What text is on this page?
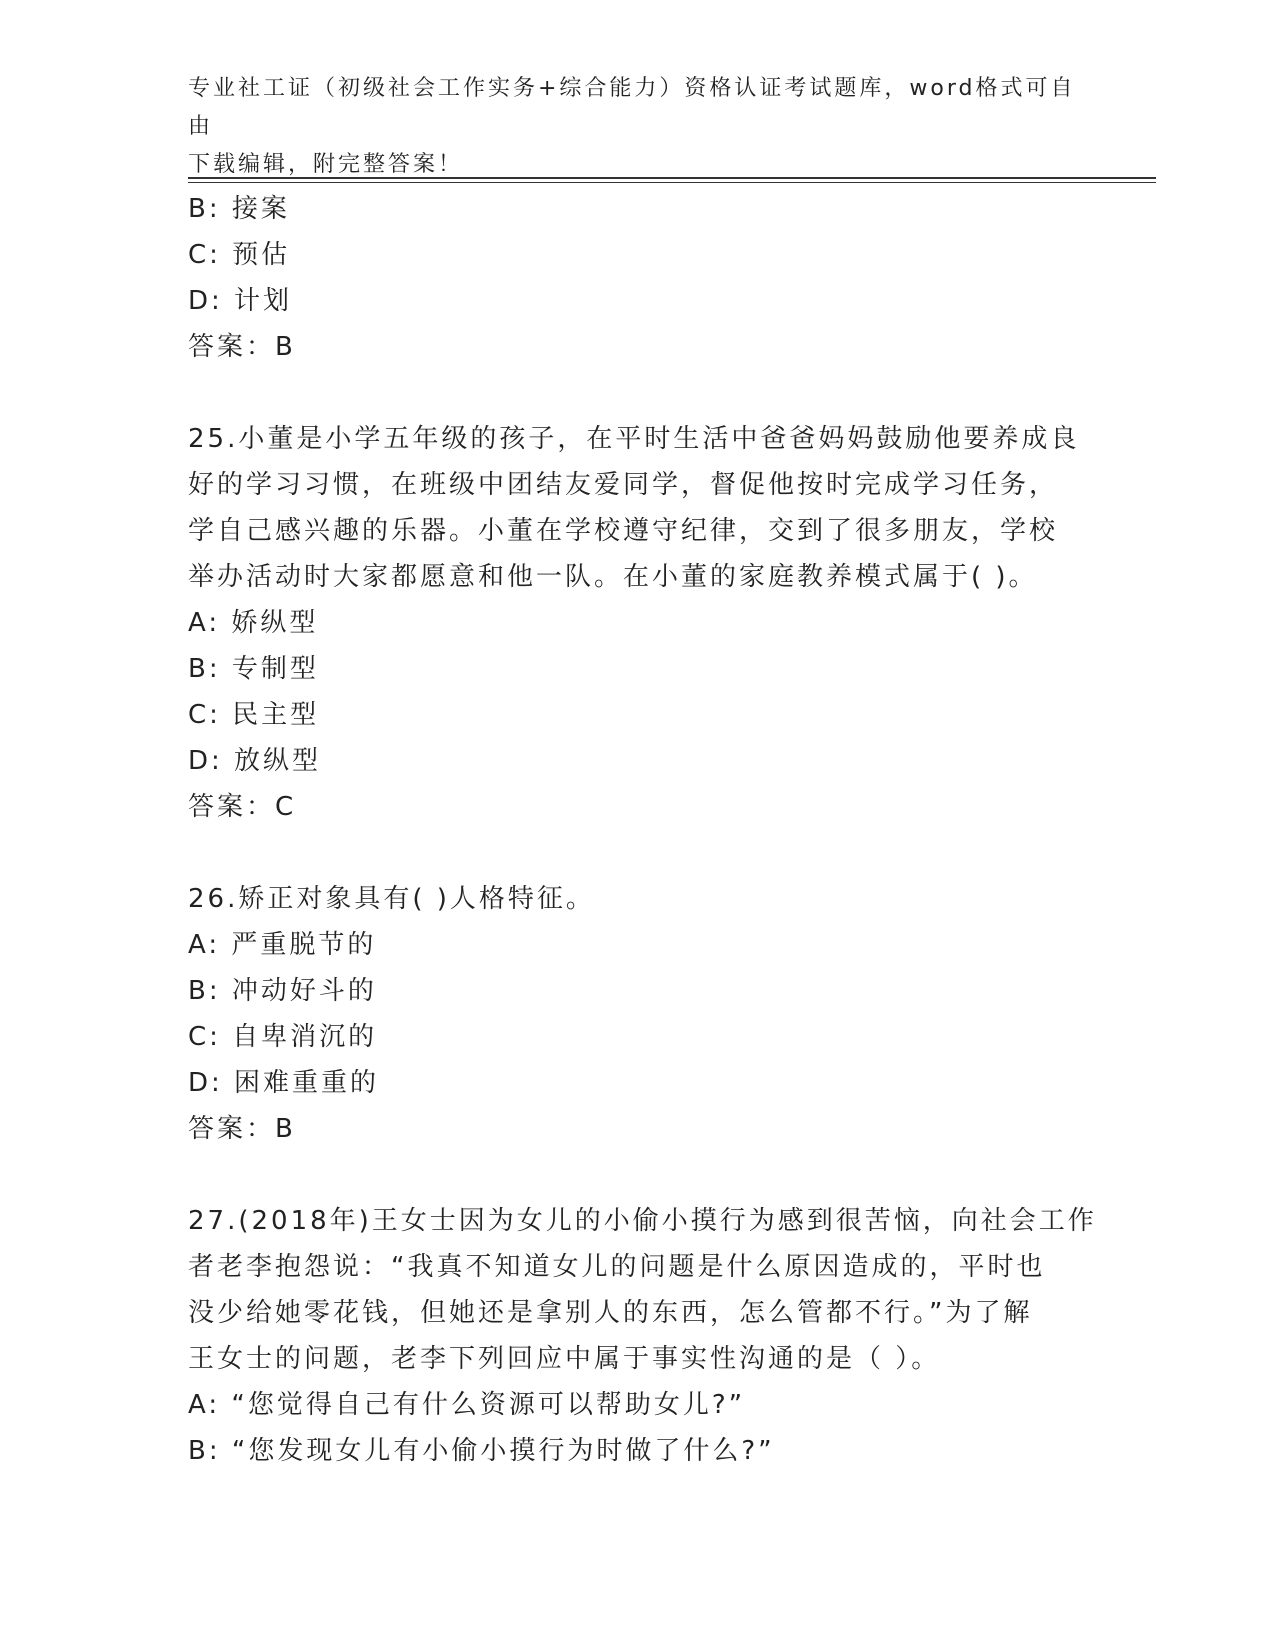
专业社工证（初级社会工作实务+综合能力）资格认证考试题库，word格式可自由
下载编辑，附完整答案！
B: 接案
C: 预估
D: 计划
答案：B
25.小董是小学五年级的孩子，在平时生活中爸爸妈妈鼓励他要养成良
好的学习习惯，在班级中团结友爱同学，督促他按时完成学习任务，
学自己感兴趣的乐器。小董在学校遵守纪律，交到了很多朋友，学校
举办活动时大家都愿意和他一队。在小董的家庭教养模式属于( )。
A: 娇纵型
B: 专制型
C: 民主型
D: 放纵型
答案：C
26.矫正对象具有( )人格特征。
A: 严重脱节的
B: 冲动好斗的
C: 自卑消沉的
D: 困难重重的
答案：B
27.(2018年)王女士因为女儿的小偷小摸行为感到很苦恼，向社会工作
者老李抱怨说：“我真不知道女儿的问题是什么原因造成的，平时也
没少给她零花钱，但她还是拿别人的东西，怎么管都不行。”为了解
王女士的问题，老李下列回应中属于事实性沟通的是（ ）。
A: “您觉得自己有什么资源可以帮助女儿?”
B: “您发现女儿有小偷小摸行为时做了什么?”
